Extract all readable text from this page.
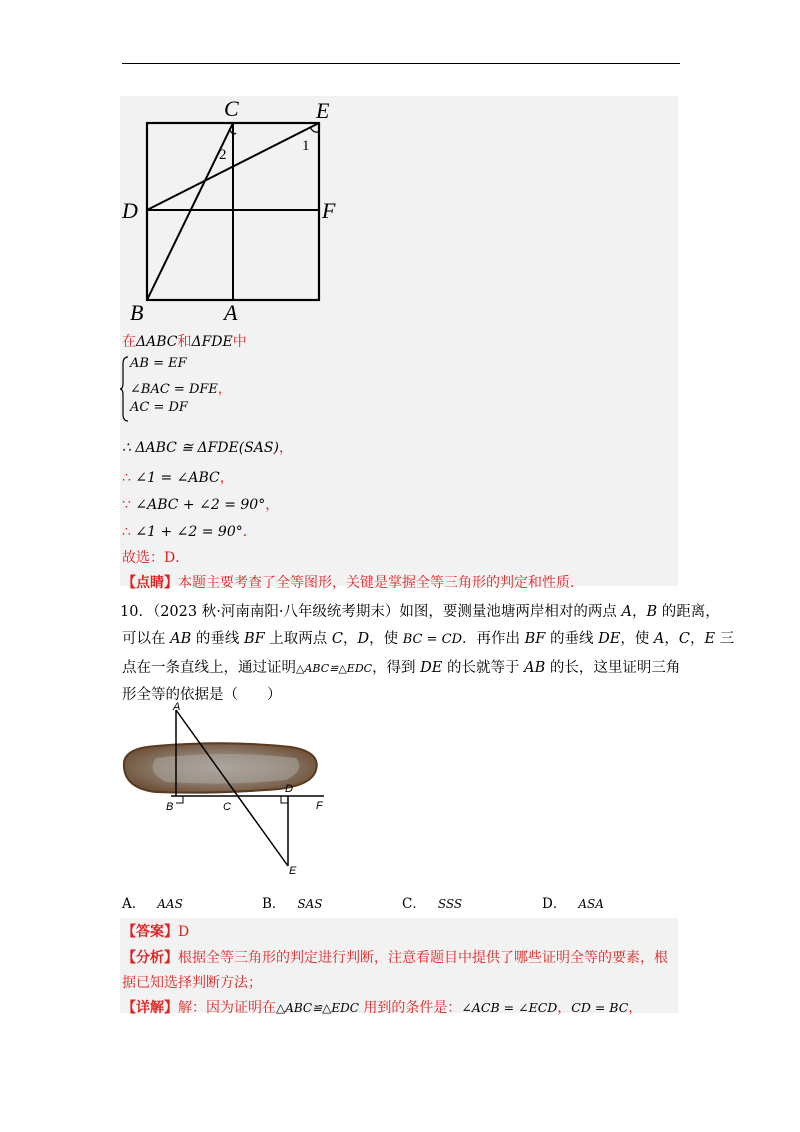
C	E
D	F
B	A
1
2
在ΔABC和ΔFDE中
AB = EF
∠BAC = DFE，
AC = DF
∴ ΔABC ≅ ΔFDE(SAS)，
∴ ∠1 = ∠ABC，
∵ ∠ABC + ∠2 = 90°，
∴ ∠1 + ∠2 = 90°．
故选：D．
【点睛】本题主要考查了全等图形，关键是掌握全等三角形的判定和性质．
10．（2023 秋·河南南阳·八年级统考期末）如图，要测量池塘两岸相对的两点 A，B 的距离，
可以在 AB 的垂线 BF 上取两点 C，D，使 BC = CD．再作出 BF 的垂线 DE，使 A，C，E 三
点在一条直线上，通过证明△ABC≌△EDC，得到 DE 的长就等于 AB 的长，这里证明三角
形全等的依据是（　　）
A
B	C
D
F
E
A． AAS	B． SAS	C． SSS	D． ASA
【答案】D
【分析】根据全等三角形的判定进行判断，注意看题目中提供了哪些证明全等的要素，根
据已知选择判断方法；
【详解】解：因为证明在△ABC≌△EDC 用到的条件是：∠ACB = ∠ECD，CD = BC，
